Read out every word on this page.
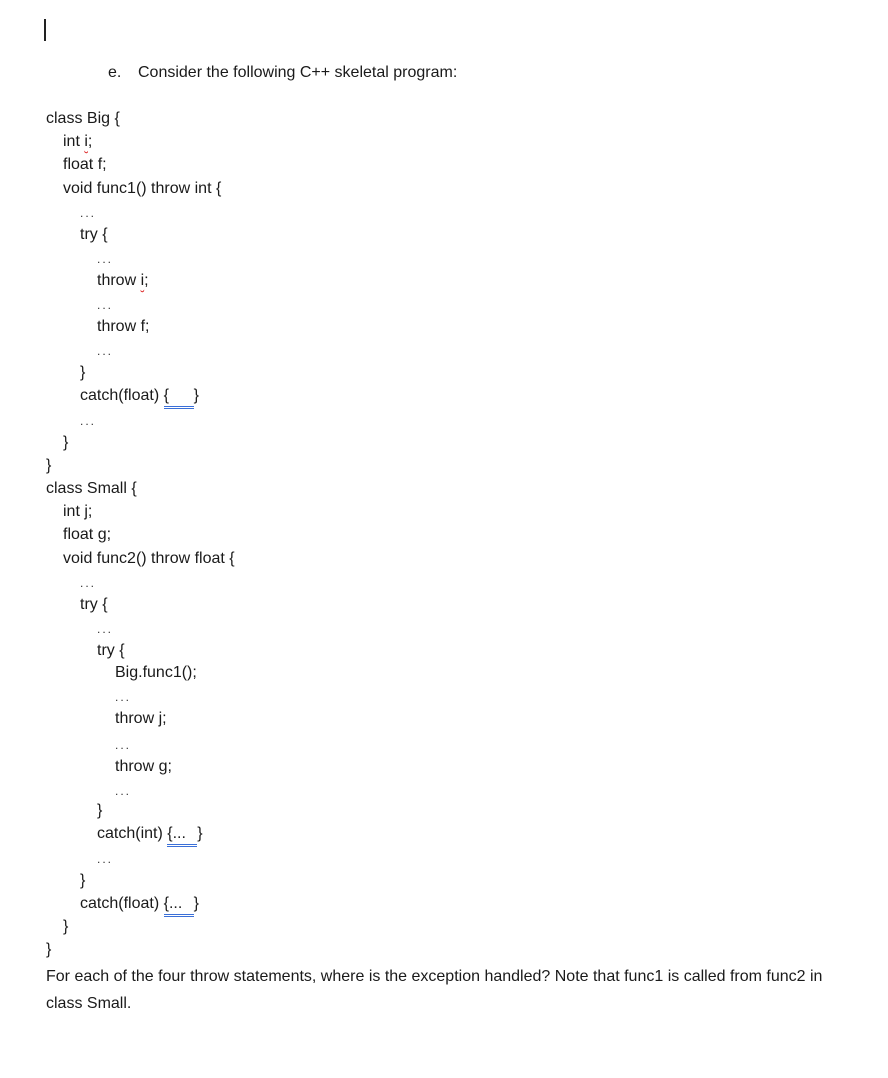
e. Consider the following C++ skeletal program:
class Big {
int i;
float f;
void func1() throw int {
...
try {
...
throw i;
...
throw f;
...
}
catch(float) { }
...
}
}
class Small {
int j;
float g;
void func2() throw float {
...
try {
...
try {
Big.func1();
...
throw j;
...
throw g;
...
}
catch(int) {... }
...
}
catch(float) {... }
}
}
For each of the four throw statements, where is the exception handled? Note that func1 is called from func2 in class Small.
